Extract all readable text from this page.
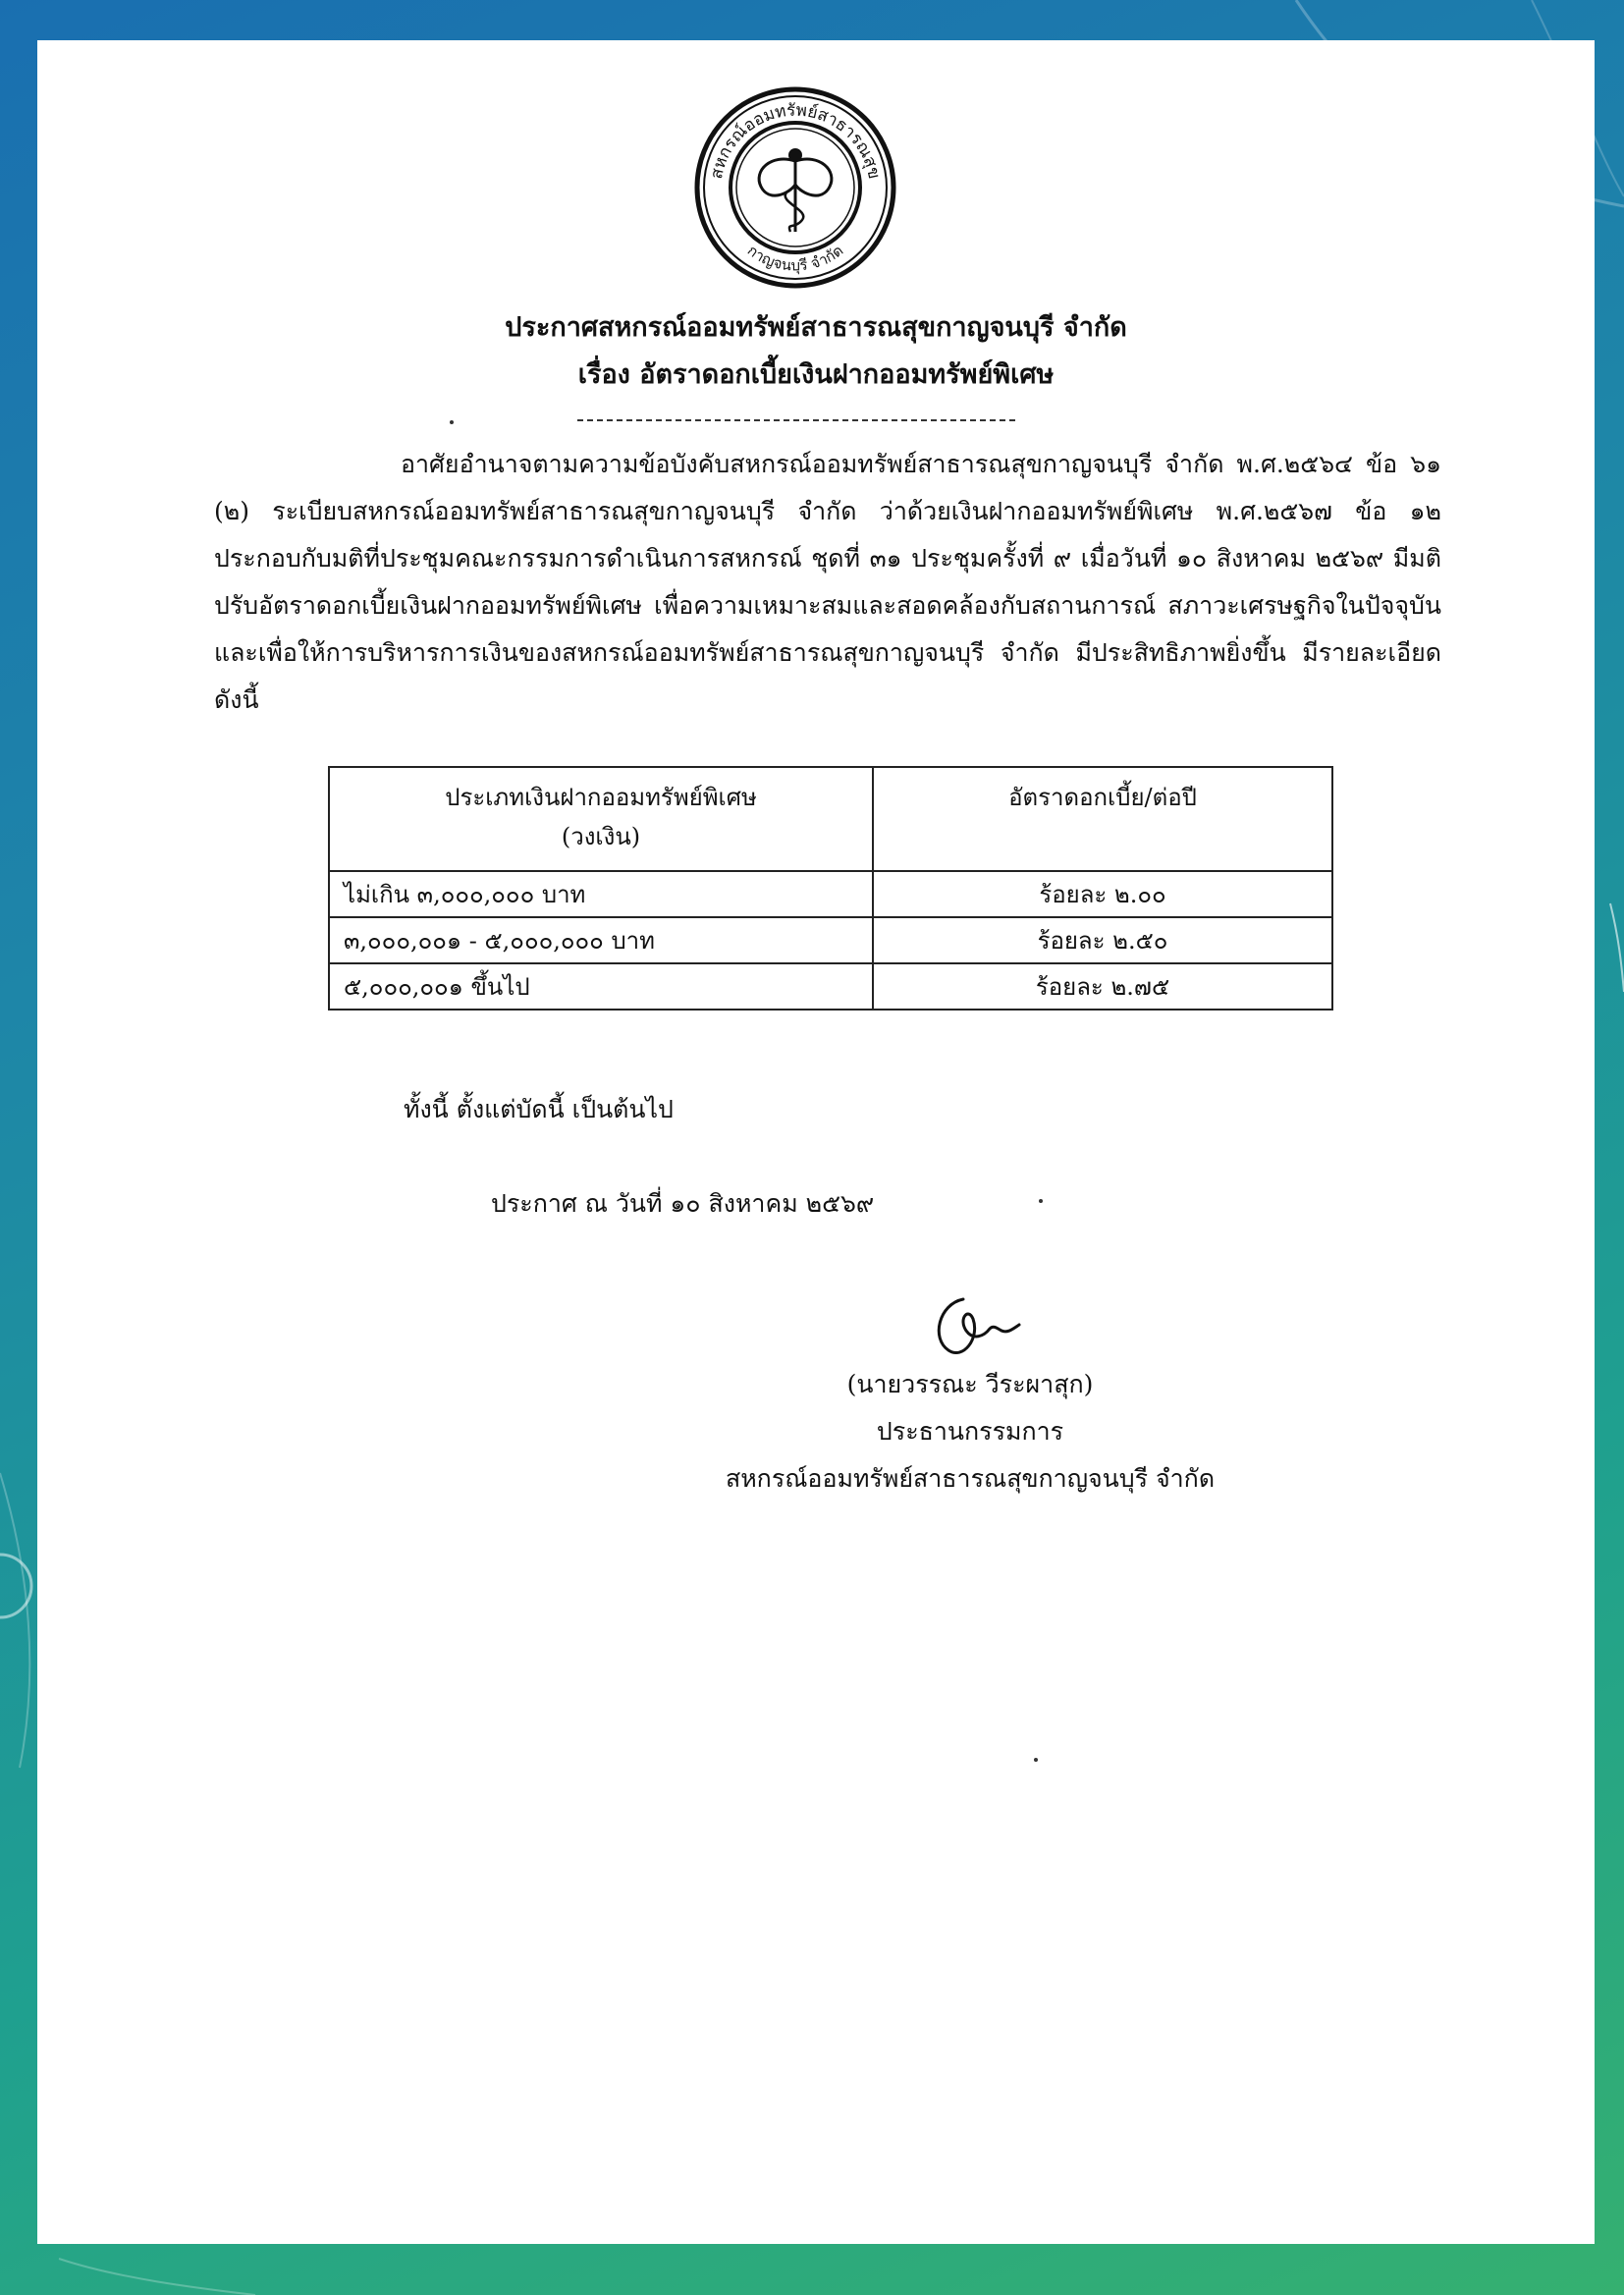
สหกรณ์ออมทรัพย์สาธารณสุข
กาญจนบุรี จำกัด
ประกาศสหกรณ์ออมทรัพย์สาธารณสุขกาญจนบุรี จำกัด
เรื่อง อัตราดอกเบี้ยเงินฝากออมทรัพย์พิเศษ

อาศัยอำนาจตามความข้อบังคับสหกรณ์ออมทรัพย์สาธารณสุขกาญจนบุรี จำกัด พ.ศ.๒๕๖๔ ข้อ ๖๑ (๒) ระเบียบสหกรณ์ออมทรัพย์สาธารณสุขกาญจนบุรี จำกัด ว่าด้วยเงินฝากออมทรัพย์พิเศษ พ.ศ.๒๕๖๗ ข้อ ๑๒ ประกอบกับมติที่ประชุมคณะกรรมการดำเนินการสหกรณ์ ชุดที่ ๓๑ ประชุมครั้งที่ ๙ เมื่อวันที่ ๑๐ สิงหาคม ๒๕๖๙ มีมติปรับอัตราดอกเบี้ยเงินฝากออมทรัพย์พิเศษ เพื่อความเหมาะสมและสอดคล้องกับสถานการณ์ สภาวะเศรษฐกิจในปัจจุบัน และเพื่อให้การบริหารการเงินของสหกรณ์ออมทรัพย์สาธารณสุขกาญจนบุรี จำกัด มีประสิทธิภาพยิ่งขึ้น มีรายละเอียด ดังนี้

ประเภทเงินฝากออมทรัพย์พิเศษ
(วงเงิน)	อัตราดอกเบี้ย/ต่อปี
ไม่เกิน ๓,๐๐๐,๐๐๐ บาท	ร้อยละ ๒.๐๐
๓,๐๐๐,๐๐๑ - ๕,๐๐๐,๐๐๐ บาท	ร้อยละ ๒.๕๐
๕,๐๐๐,๐๐๑ ขึ้นไป	ร้อยละ ๒.๗๕
ทั้งนี้ ตั้งแต่บัดนี้ เป็นต้นไป
ประกาศ ณ วันที่ ๑๐ สิงหาคม ๒๕๖๙
(นายวรรณะ วีระผาสุก)
ประธานกรรมการ
สหกรณ์ออมทรัพย์สาธารณสุขกาญจนบุรี จำกัด
